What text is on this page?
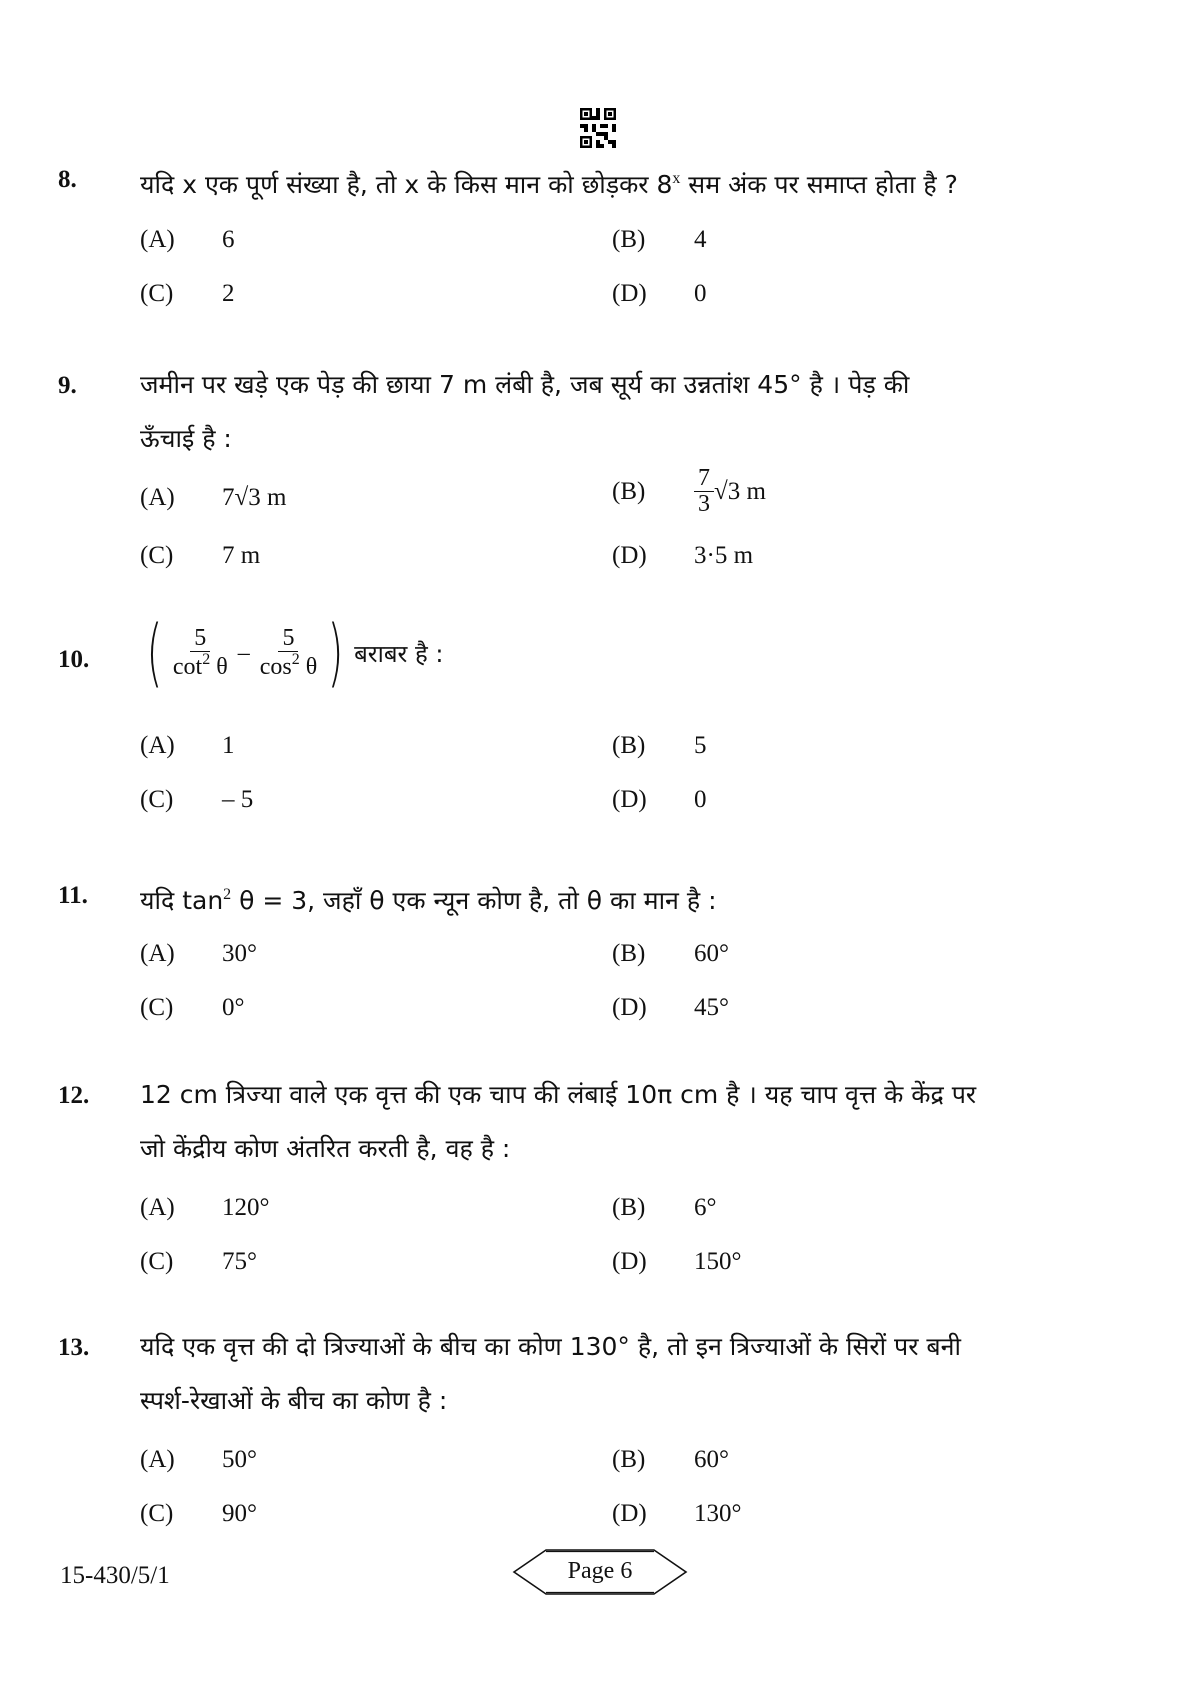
8.	यदि x एक पूर्ण संख्या है, तो x के किस मान को छोड़कर 8$^x$ सम अंक पर समाप्त होता है ?
(A) 6	(B) 4
(C) 2	(D) 0
9.	जमीन पर खड़े एक पेड़ की छाया 7 m लंबी है, जब सूर्य का उन्नतांश 45° है । पेड़ की
ऊँचाई है :
(A) 7√3 m	$(B) \frac{7}{3} √3$ m
(C) 7 m	(D) 3·5 m
10. ( $\frac{5}{\cot^2 \theta} - \frac{5}{\cos^2 \theta}$ ) बराबर है :
(A) 1	(B) 5
(C) – 5	(D) 0
11. यदि $\tan^2 \theta = 3$, जहाँ θ एक न्यून कोण है, तो θ का मान है :
(A) 30°	(B) 60°
(C) 0°	(D) 45°
12. 12 cm त्रिज्या वाले एक वृत्त की एक चाप की लंबाई 10π cm है । यह चाप वृत्त के केंद्र पर
जो केंद्रीय कोण अंतरित करती है, वह है :
(A) 120°	(B) 6°
(C) 75°	(D) 150°
13. यदि एक वृत्त की दो त्रिज्याओं के बीच का कोण 130° है, तो इन त्रिज्याओं के सिरों पर बनी
स्पर्श-रेखाओं के बीच का कोण है :
(A) 50°	(B) 60°
(C) 90°	(D) 130°
15-430/5/1	Page 6
